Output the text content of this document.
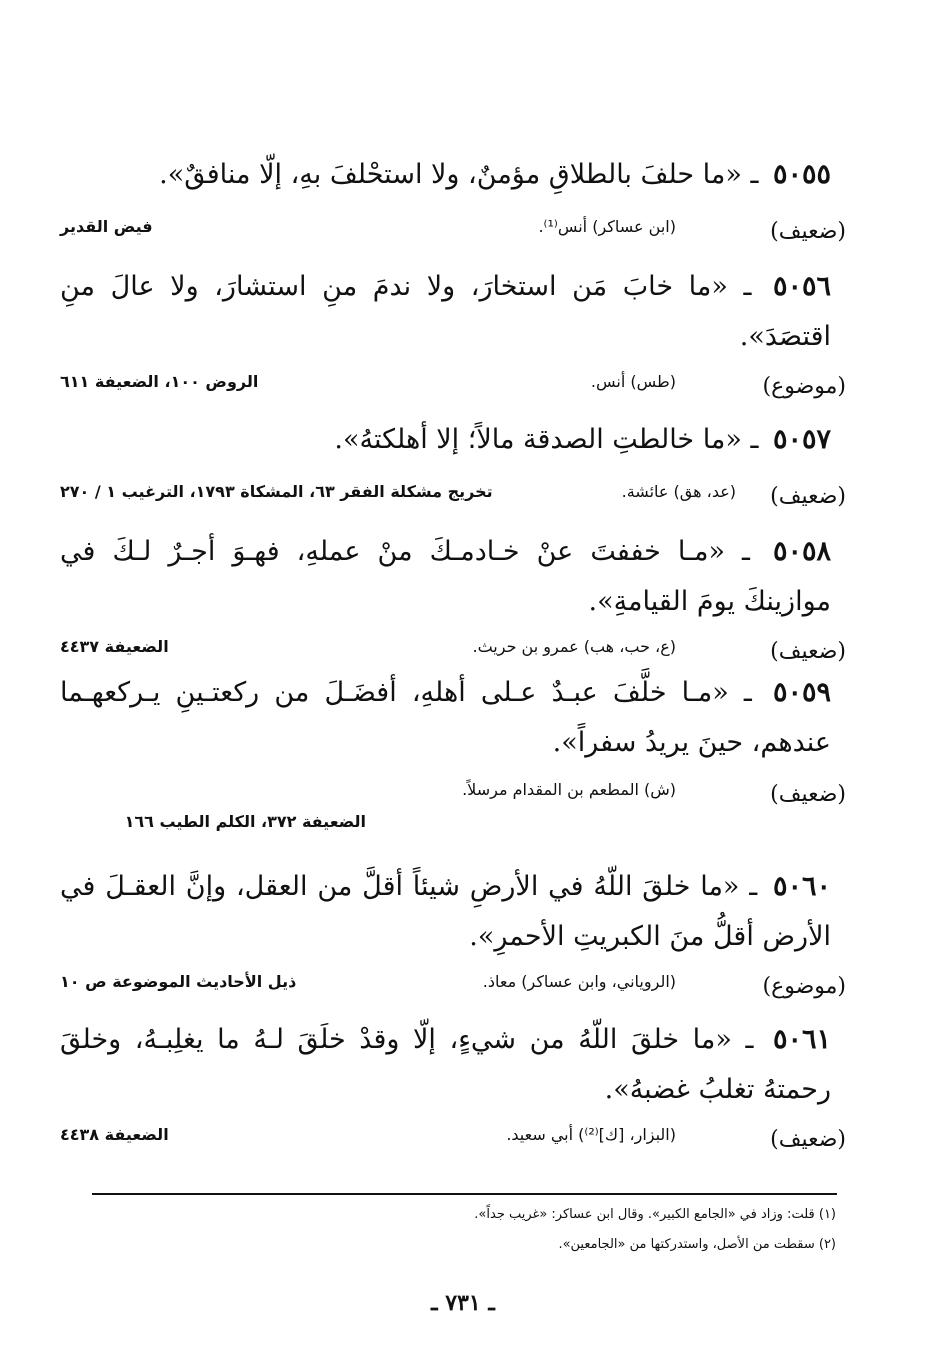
٥٠٥٥ ـ «ما حلفَ بالطلاقِ مؤمنٌ، ولا استحْلفَ بهِ، إلّا منافقٌ».
(ضعيف)
(ابن عساكر) أنس⁽¹⁾.
فيض القدير
٥٠٥٦ ـ «ما خابَ مَن استخارَ، ولا ندمَ منِ استشارَ، ولا عالَ منِ اقتصَدَ».
(موضوع)
(طس) أنس.
الروض ١٠٠، الضعيفة ٦١١
٥٠٥٧ ـ «ما خالطتِ الصدقة مالاً؛ إلا أهلكتهُ».
(ضعيف)
(عد، هق) عائشة.
تخريج مشكلة الفقر ٦٣، المشكاة ١٧٩٣، الترغيب ١ / ٢٧٠
٥٠٥٨ ـ «مـا خففتَ عنْ خـادمـكَ منْ عملهِ، فهـوَ أجـرٌ لـكَ في موازينكَ يومَ القيامةِ».
(ضعيف)
(ع، حب، هب) عمرو بن حريث.
الضعيفة ٤٤٣٧
٥٠٥٩ ـ «مـا خلَّفَ عبـدٌ عـلى أهلهِ، أفضَـلَ من ركعتـينِ يـركعهـما عندهم، حينَ يريدُ سفراً».
(ضعيف)
(ش) المطعم بن المقدام مرسلاً.
الضعيفة ٣٧٢، الكلم الطيب ١٦٦
٥٠٦٠ ـ «ما خلقَ اللّهُ في الأرضِ شيئاً أقلَّ من العقل، وإنَّ العقـلَ في الأرض أقلُّ منَ الكبريتِ الأحمرِ».
(موضوع)
(الروياني، وابن عساكر) معاذ.
ذيل الأحاديث الموضوعة ص ١٠
٥٠٦١ ـ «ما خلقَ اللّهُ من شيءٍ، إلّا وقدْ خلَقَ لـهُ ما يغلِبـهُ، وخلقَ رحمتهُ تغلبُ غضبهُ».
(ضعيف)
(البزار، [ك]⁽²⁾) أبي سعيد.
الضعيفة ٤٤٣٨
(١) قلت: وزاد في «الجامع الكبير». وقال ابن عساكر: «غريب جداً».
(٢) سقطت من الأصل، واستدركتها من «الجامعين».
ـ ٧٣١ ـ
